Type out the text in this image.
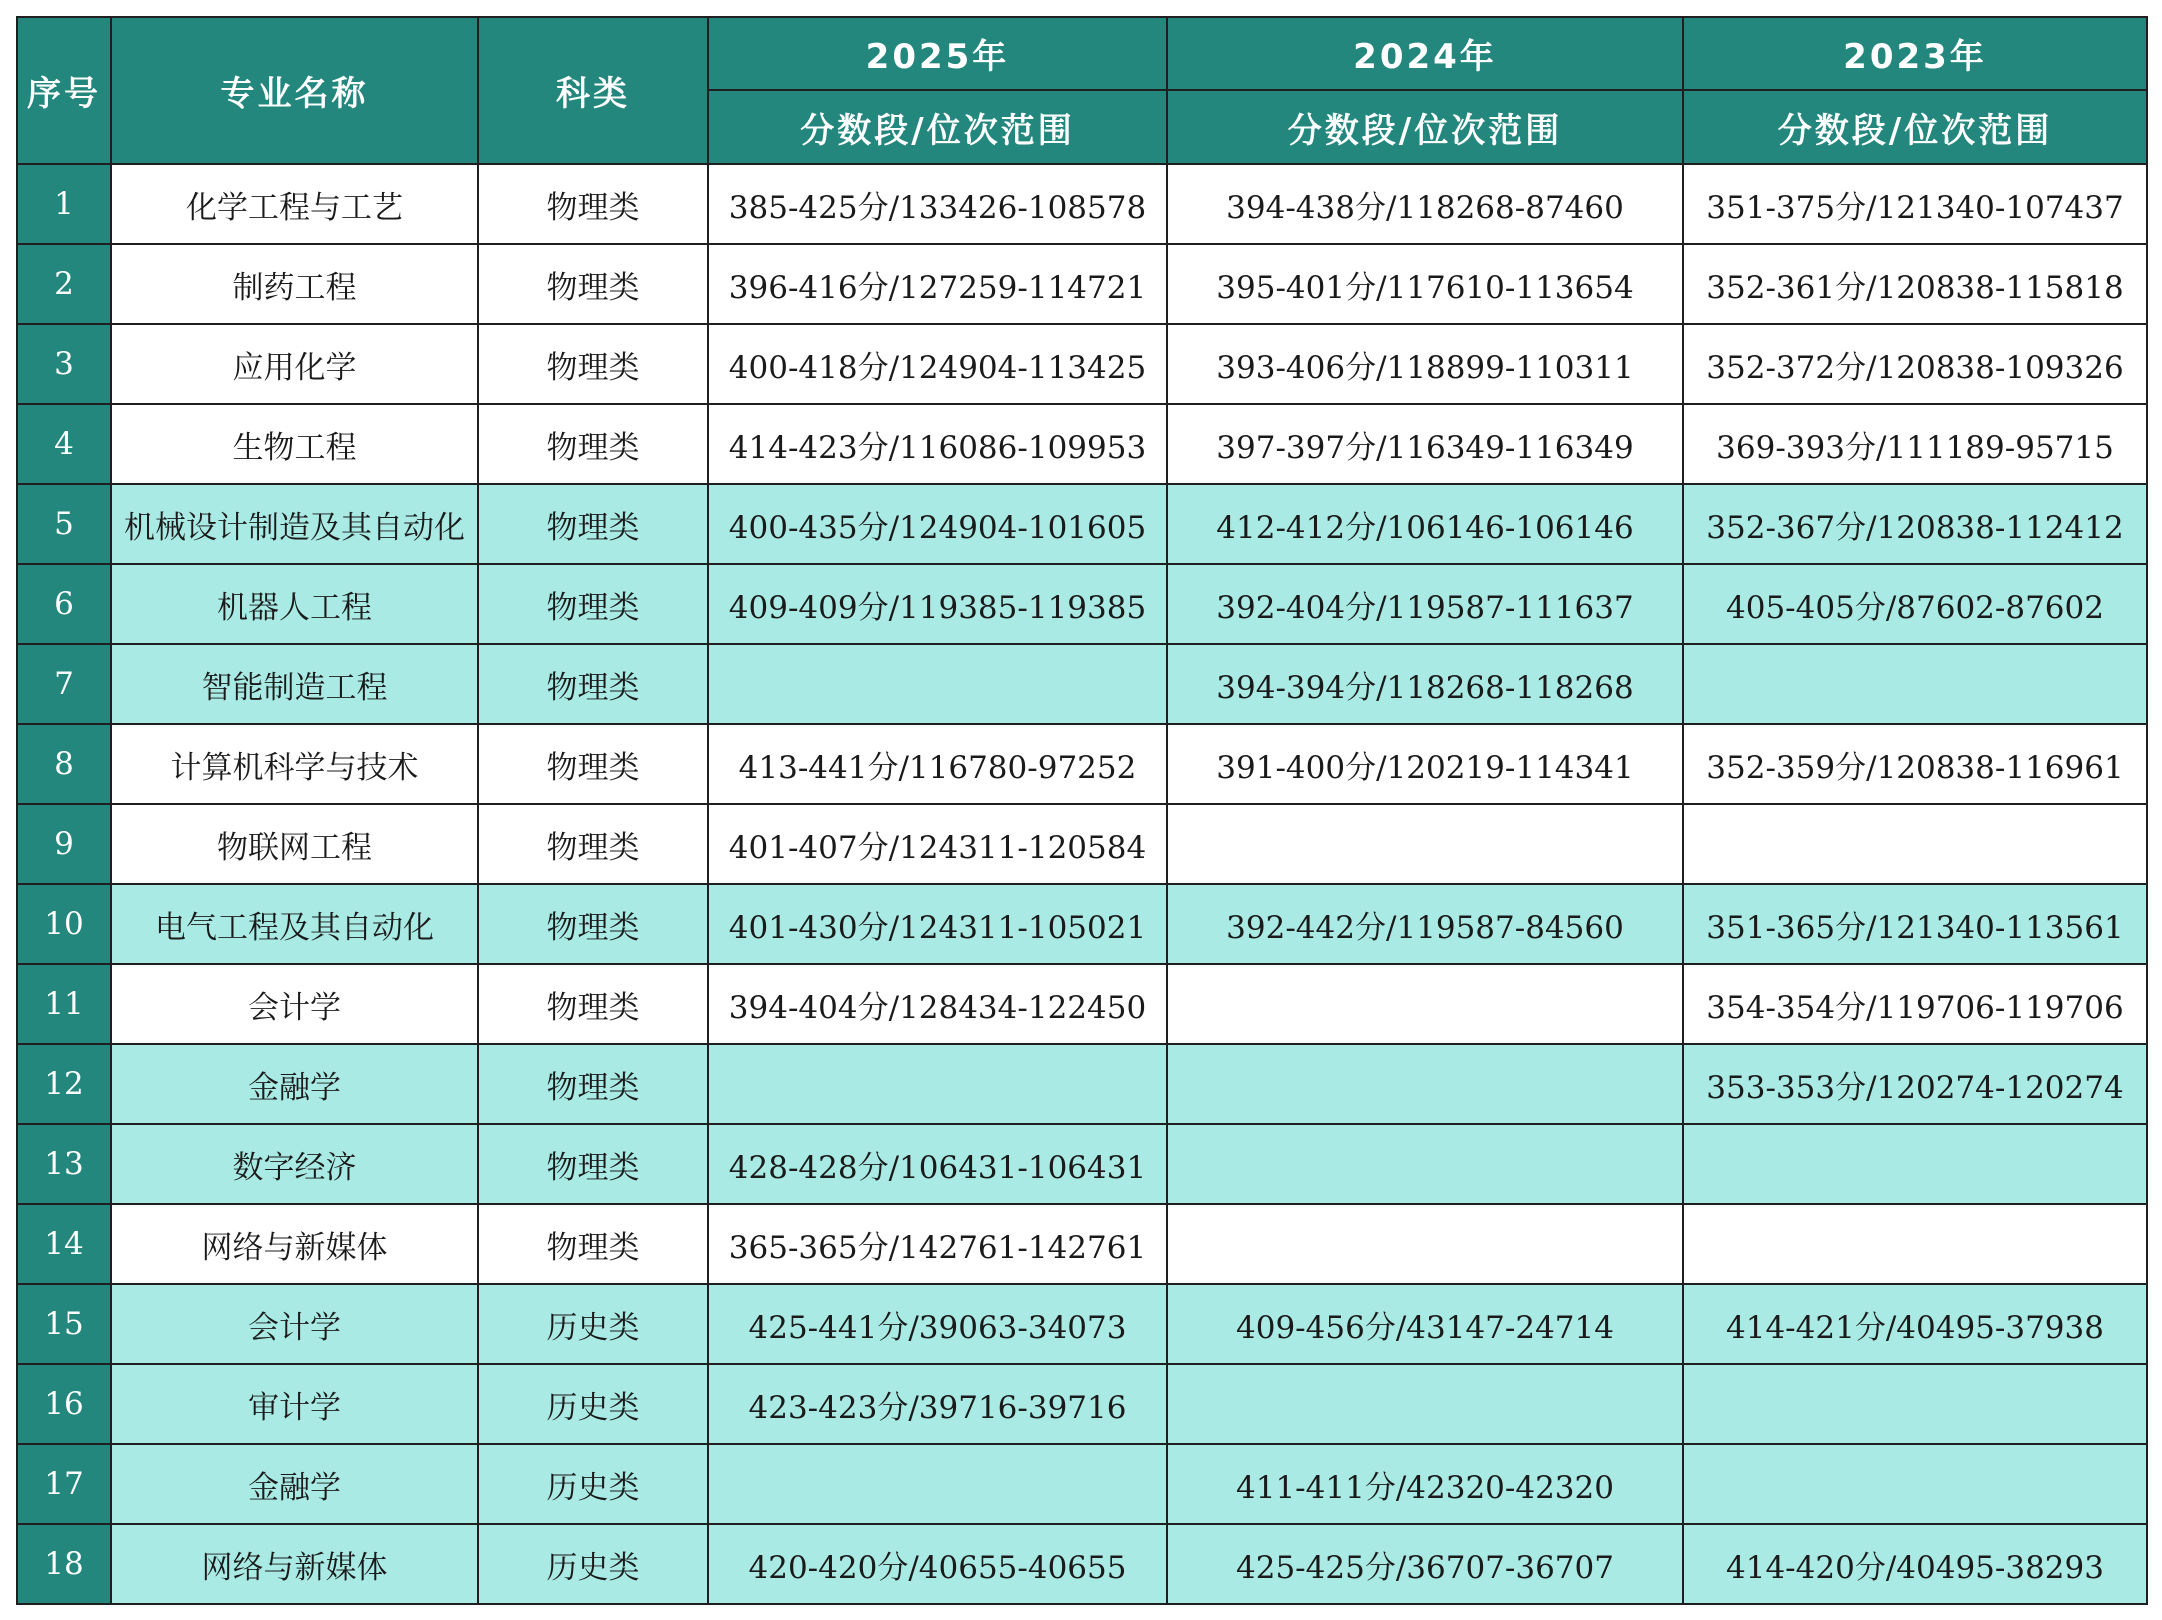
序号	专业名称	科类	2025年	2024年	2023年
			分数段/位次范围	分数段/位次范围	分数段/位次范围
1	化学工程与工艺	物理类	385-425分/133426-108578	394-438分/118268-87460	351-375分/121340-107437
2	制药工程	物理类	396-416分/127259-114721	395-401分/117610-113654	352-361分/120838-115818
3	应用化学	物理类	400-418分/124904-113425	393-406分/118899-110311	352-372分/120838-109326
4	生物工程	物理类	414-423分/116086-109953	397-397分/116349-116349	369-393分/111189-95715
5	机械设计制造及其自动化	物理类	400-435分/124904-101605	412-412分/106146-106146	352-367分/120838-112412
6	机器人工程	物理类	409-409分/119385-119385	392-404分/119587-111637	405-405分/87602-87602
7	智能制造工程	物理类		394-394分/118268-118268	
8	计算机科学与技术	物理类	413-441分/116780-97252	391-400分/120219-114341	352-359分/120838-116961
9	物联网工程	物理类	401-407分/124311-120584		
10	电气工程及其自动化	物理类	401-430分/124311-105021	392-442分/119587-84560	351-365分/121340-113561
11	会计学	物理类	394-404分/128434-122450		354-354分/119706-119706
12	金融学	物理类			353-353分/120274-120274
13	数字经济	物理类	428-428分/106431-106431		
14	网络与新媒体	物理类	365-365分/142761-142761		
15	会计学	历史类	425-441分/39063-34073	409-456分/43147-24714	414-421分/40495-37938
16	审计学	历史类	423-423分/39716-39716		
17	金融学	历史类		411-411分/42320-42320	
18	网络与新媒体	历史类	420-420分/40655-40655	425-425分/36707-36707	414-420分/40495-38293
